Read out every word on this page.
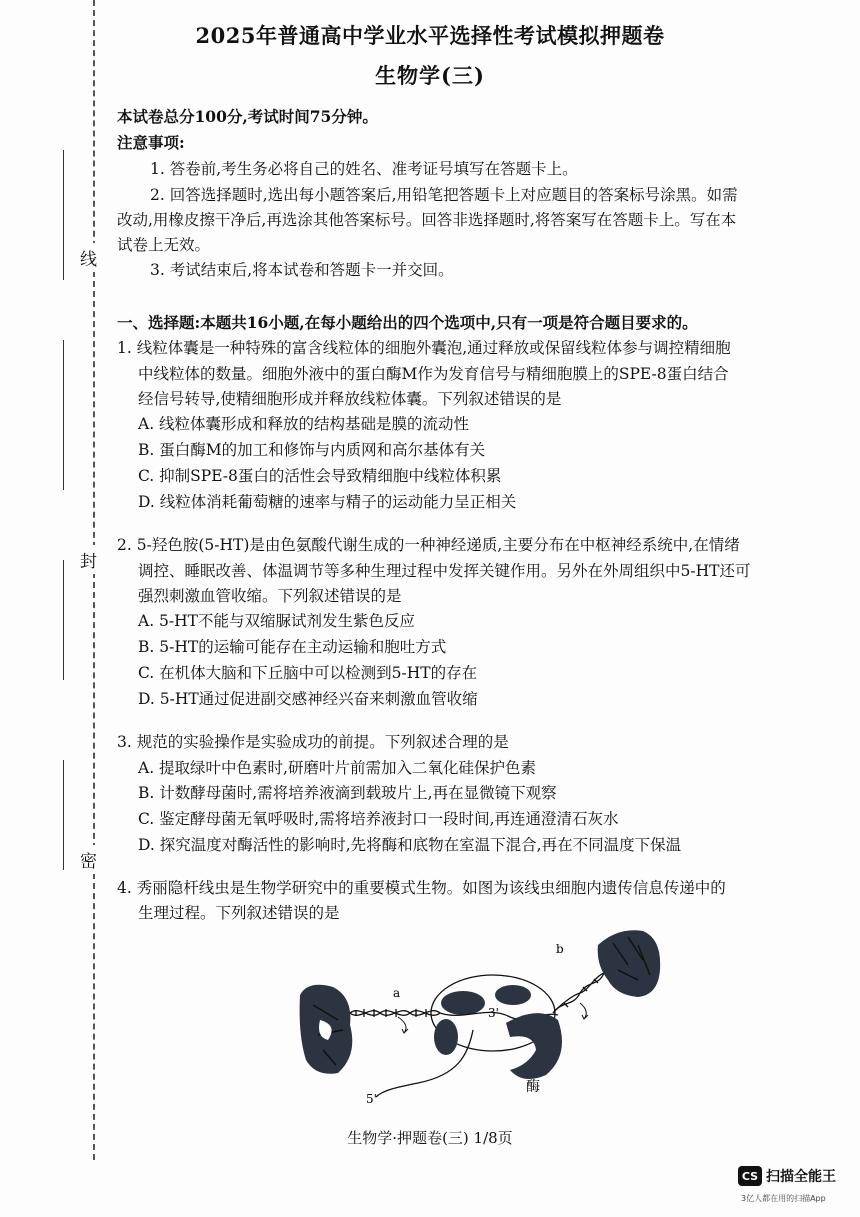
线
封
密
2025年普通高中学业水平选择性考试模拟押题卷
生物学(三)
本试卷总分100分,考试时间75分钟。
注意事项:
1. 答卷前,考生务必将自己的姓名、准考证号填写在答题卡上。
2. 回答选择题时,选出每小题答案后,用铅笔把答题卡上对应题目的答案标号涂黑。如需
改动,用橡皮擦干净后,再选涂其他答案标号。回答非选择题时,将答案写在答题卡上。写在本
试卷上无效。
3. 考试结束后,将本试卷和答题卡一并交回。
一、选择题:本题共16小题,在每小题给出的四个选项中,只有一项是符合题目要求的。
1. 线粒体囊是一种特殊的富含线粒体的细胞外囊泡,通过释放或保留线粒体参与调控精细胞
中线粒体的数量。细胞外液中的蛋白酶M作为发育信号与精细胞膜上的SPE-8蛋白结合
经信号转导,使精细胞形成并释放线粒体囊。下列叙述错误的是
A. 线粒体囊形成和释放的结构基础是膜的流动性
B. 蛋白酶M的加工和修饰与内质网和高尔基体有关
C. 抑制SPE-8蛋白的活性会导致精细胞中线粒体积累
D. 线粒体消耗葡萄糖的速率与精子的运动能力呈正相关
2. 5-羟色胺(5-HT)是由色氨酸代谢生成的一种神经递质,主要分布在中枢神经系统中,在情绪
调控、睡眠改善、体温调节等多种生理过程中发挥关键作用。另外在外周组织中5-HT还可
强烈刺激血管收缩。下列叙述错误的是
A. 5-HT不能与双缩脲试剂发生紫色反应
B. 5-HT的运输可能存在主动运输和胞吐方式
C. 在机体大脑和下丘脑中可以检测到5-HT的存在
D. 5-HT通过促进副交感神经兴奋来刺激血管收缩
3. 规范的实验操作是实验成功的前提。下列叙述合理的是
A. 提取绿叶中色素时,研磨叶片前需加入二氧化硅保护色素
B. 计数酵母菌时,需将培养液滴到载玻片上,再在显微镜下观察
C. 鉴定酵母菌无氧呼吸时,需将培养液封口一段时间,再连通澄清石灰水
D. 探究温度对酶活性的影响时,先将酶和底物在室温下混合,再在不同温度下保温
4. 秀丽隐杆线虫是生物学研究中的重要模式生物。如图为该线虫细胞内遗传信息传递中的
生理过程。下列叙述错误的是
a
3'
酶
5'
b
生物学·押题卷(三) 1/8页
CS 扫描全能王
3亿人都在用的扫描App
